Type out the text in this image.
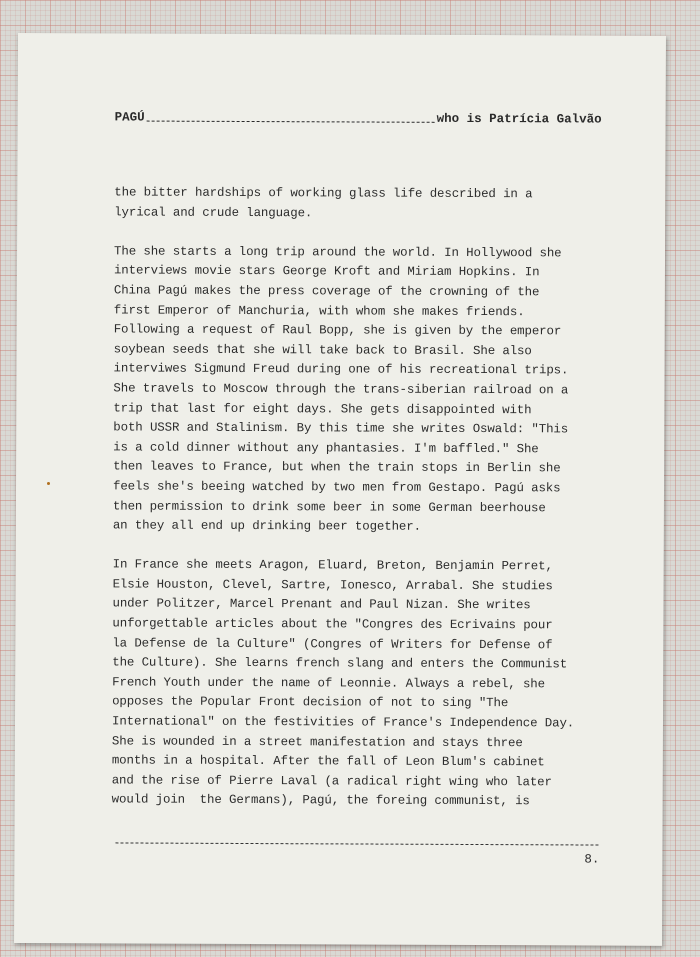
PAGÚ	who is Patrícia Galvão

the bitter hardships of working glass life described in a
lyrical and crude language.

The she starts a long trip around the world. In Hollywood she
interviews movie stars George Kroft and Miriam Hopkins. In
China Pagú makes the press coverage of the crowning of the
first Emperor of Manchuria, with whom she makes friends.
Following a request of Raul Bopp, she is given by the emperor
soybean seeds that she will take back to Brasil. She also
interviwes Sigmund Freud during one of his recreational trips.
She travels to Moscow through the trans-siberian railroad on a
trip that last for eight days. She gets disappointed with
both USSR and Stalinism. By this time she writes Oswald: "This
is a cold dinner without any phantasies. I'm baffled." She
then leaves to France, but when the train stops in Berlin she
feels she's beeing watched by two men from Gestapo. Pagú asks
then permission to drink some beer in some German beerhouse
an they all end up drinking beer together.

In France she meets Aragon, Eluard, Breton, Benjamin Perret,
Elsie Houston, Clevel, Sartre, Ionesco, Arrabal. She studies
under Politzer, Marcel Prenant and Paul Nizan. She writes
unforgettable articles about the "Congres des Ecrivains pour
la Defense de la Culture" (Congres of Writers for Defense of
the Culture). She learns french slang and enters the Communist
French Youth under the name of Leonnie. Always a rebel, she
opposes the Popular Front decision of not to sing "The
International" on the festivities of France's Independence Day.
She is wounded in a street manifestation and stays three
months in a hospital. After the fall of Leon Blum's cabinet
and the rise of Pierre Laval (a radical right wing who later
would join  the Germans), Pagú, the foreing communist, is

8.
